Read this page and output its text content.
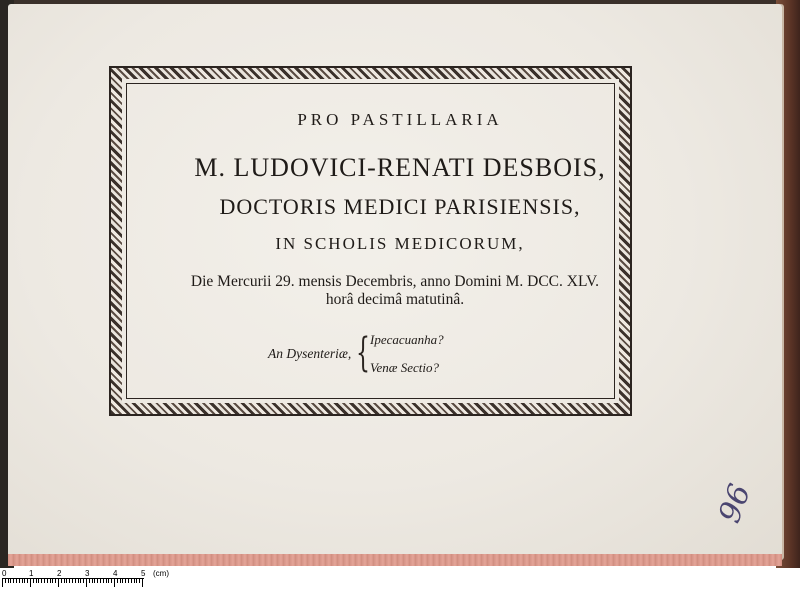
PRO PASTILLARIA
M. LUDOVICI-RENATI DESBOIS,
DOCTORIS MEDICI PARISIENSIS,
IN SCHOLIS MEDICORUM,
Die Mercurii 29. mensis Decembris, anno Domini M. DCC. XLV.
horâ decimâ matutinâ.
An Dysenteriæ, { Ipecacuanha?
Venæ Sectio?
96
0	1	2	3	4	5 (cm)
